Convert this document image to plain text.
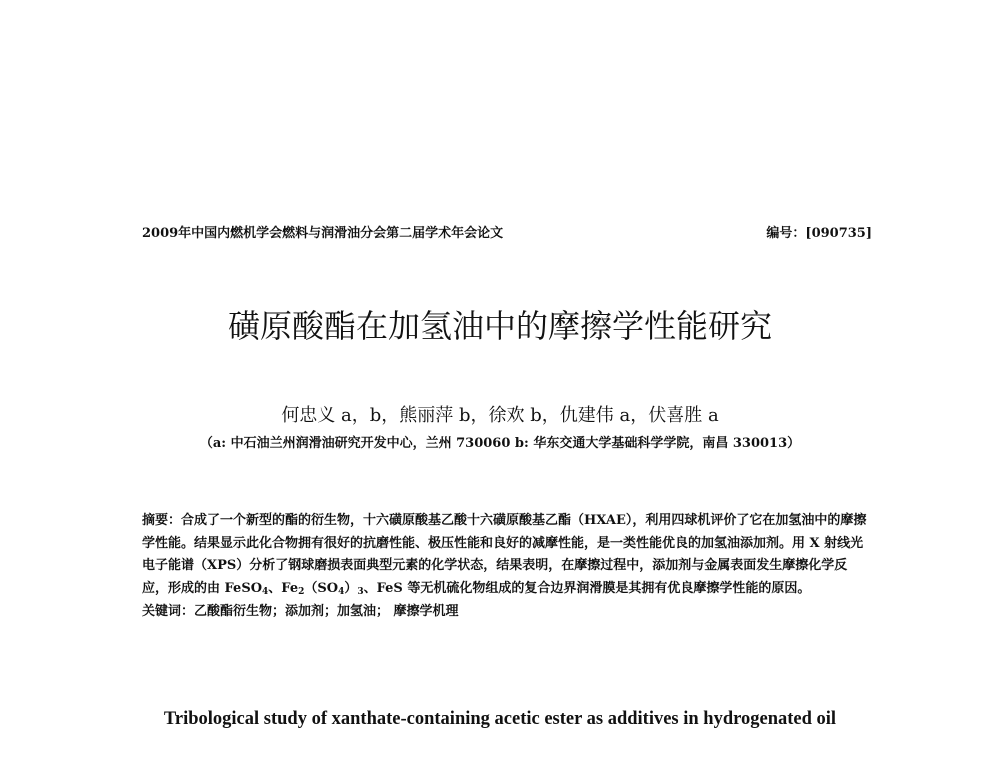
2009年中国内燃机学会燃料与润滑油分会第二届学术年会论文	编号：[090735]
磺原酸酯在加氢油中的摩擦学性能研究
何忠义 a，b，熊丽萍 b，徐欢 b，仇建伟 a，伏喜胜 a
（a: 中石油兰州润滑油研究开发中心，兰州 730060 b: 华东交通大学基础科学学院，南昌 330013）

摘要：合成了一个新型的酯的衍生物，十六磺原酸基乙酸十六磺原酸基乙酯（HXAE），利用四球机评价了它在加氢油中的摩擦学性能。结果显示此化合物拥有很好的抗磨性能、极压性能和良好的减摩性能，是一类性能优良的加氢油添加剂。用 X 射线光电子能谱（XPS）分析了钢球磨损表面典型元素的化学状态，结果表明，在摩擦过程中，添加剂与金属表面发生摩擦化学反应，形成的由 FeSO$_4$、$Fe_2(SO_4)_3$、FeS 等无机硫化物组成的复合边界润滑膜是其拥有优良摩擦学性能的原因。

关键词：乙酸酯衍生物；添加剂；加氢油； 摩擦学机理

Tribological study of xanthate-containing acetic ester as additives in hydrogenated oil
